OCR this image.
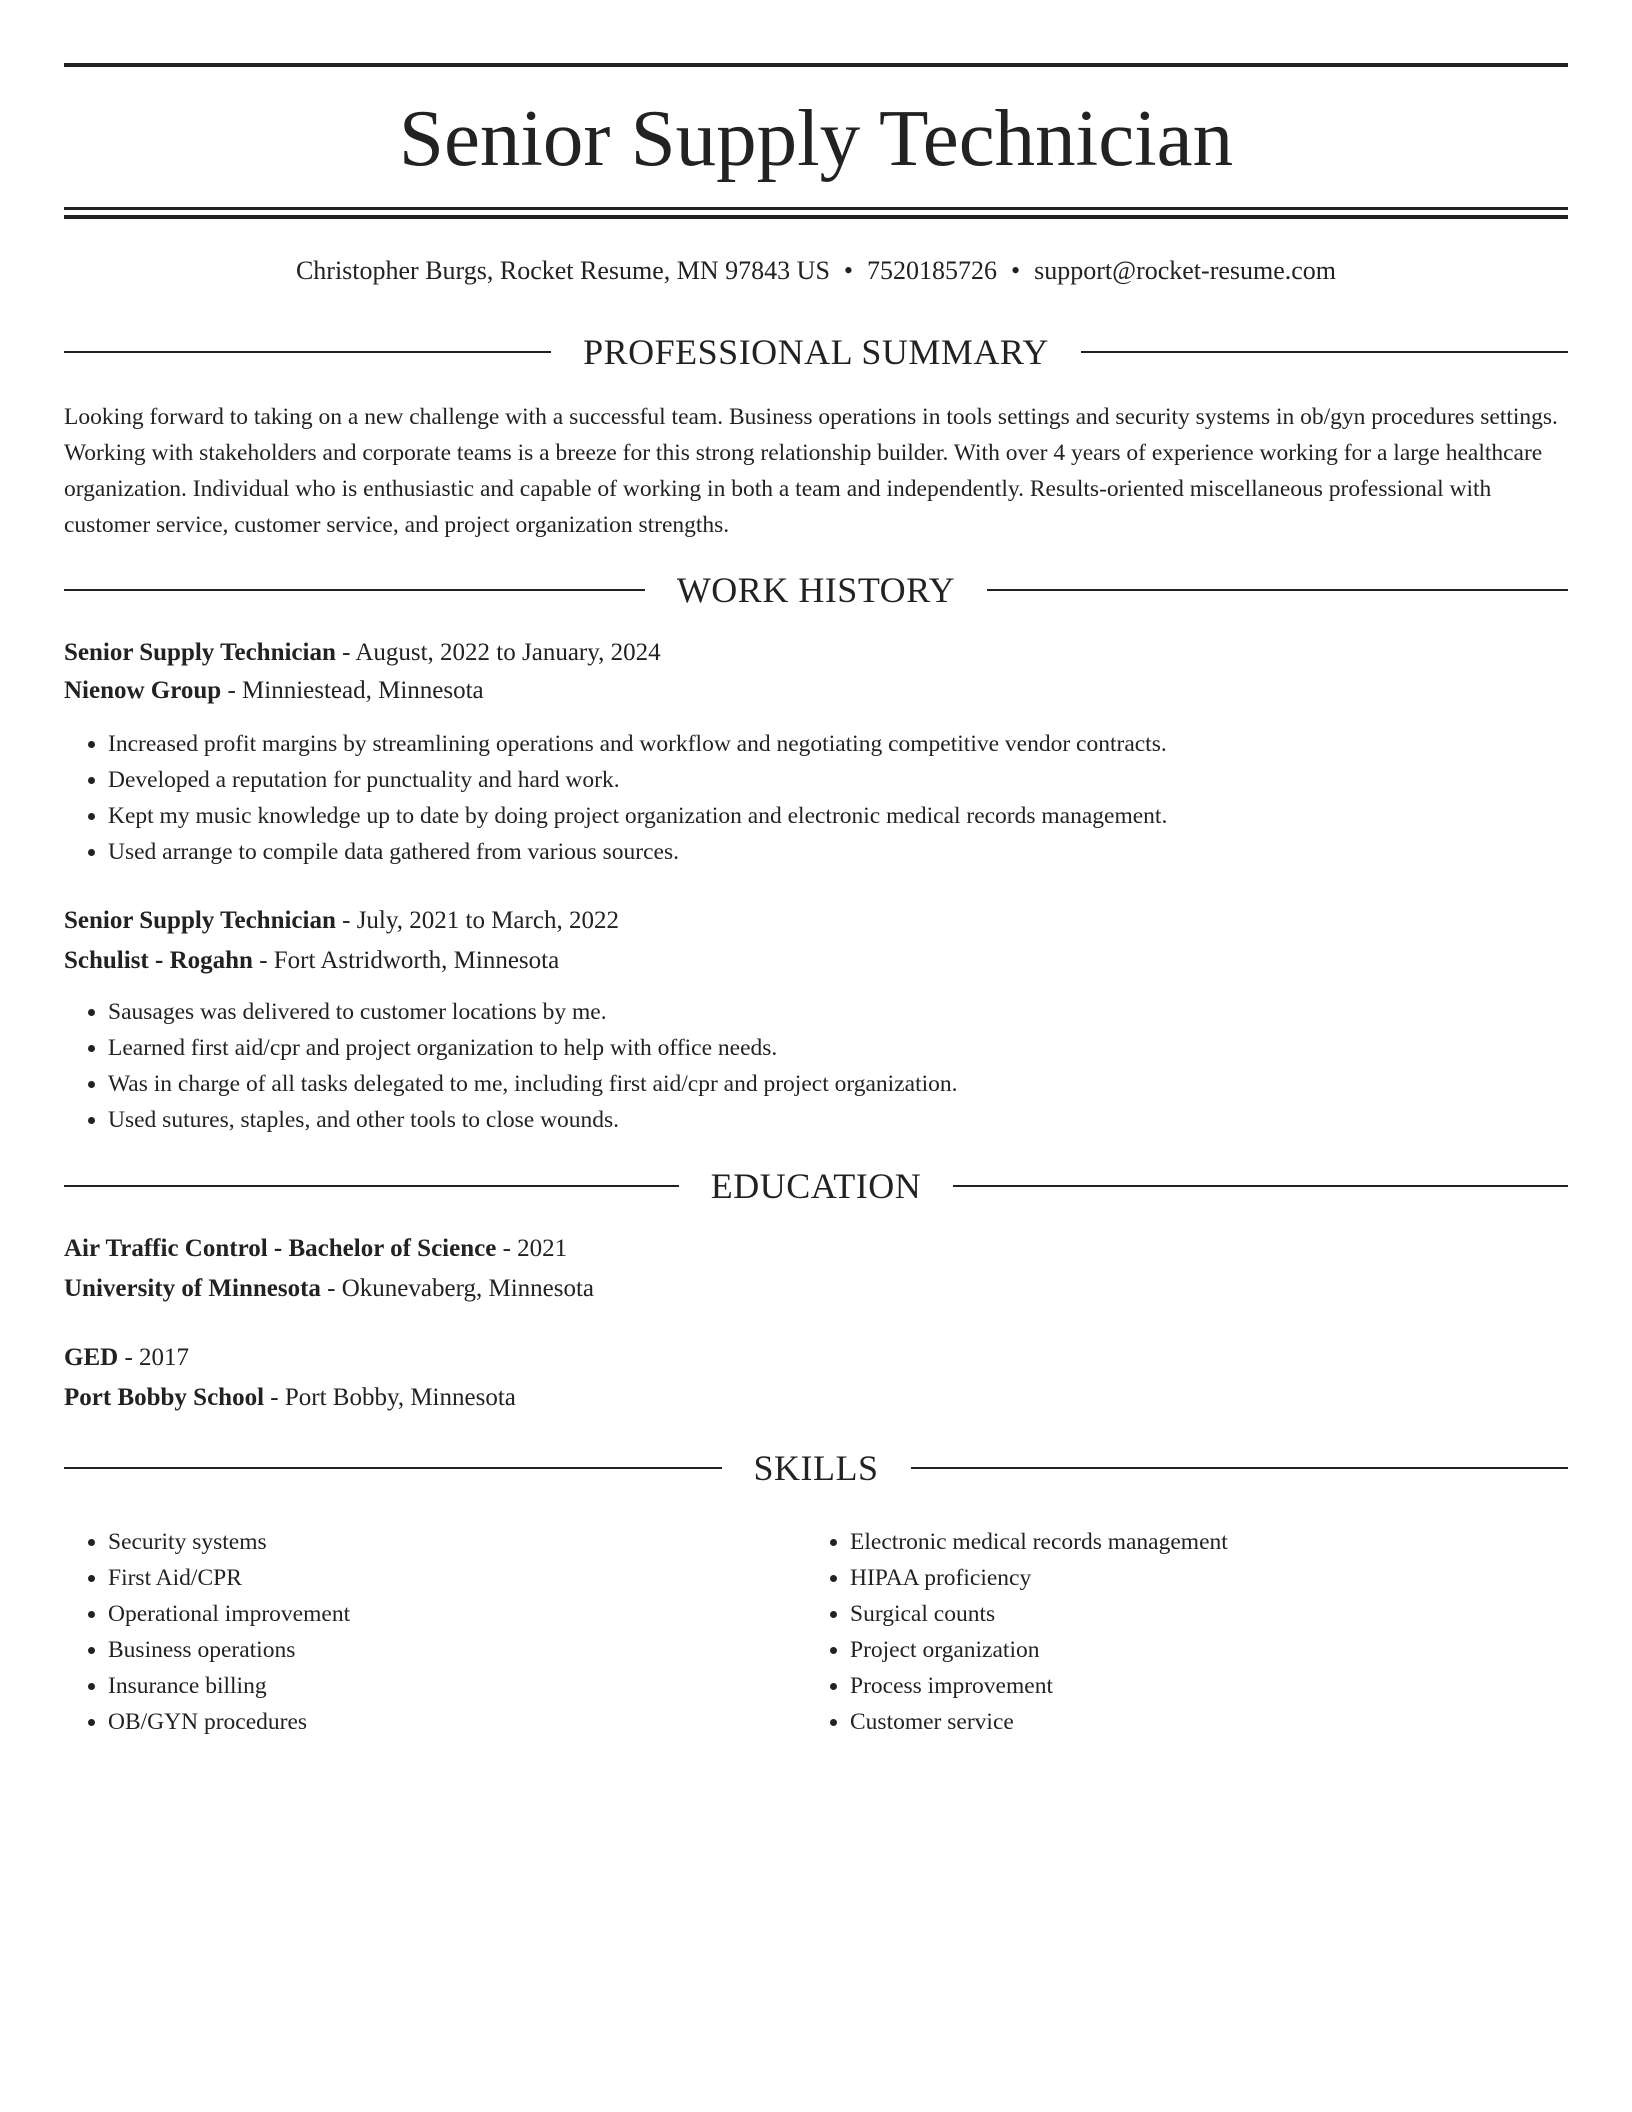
Senior Supply Technician
Christopher Burgs, Rocket Resume, MN 97843 US • 7520185726 • support@rocket-resume.com
PROFESSIONAL SUMMARY

Looking forward to taking on a new challenge with a successful team. Business operations in tools settings and security systems in ob/gyn procedures settings. Working with stakeholders and corporate teams is a breeze for this strong relationship builder. With over 4 years of experience working for a large healthcare organization. Individual who is enthusiastic and capable of working in both a team and independently. Results-oriented miscellaneous professional with customer service, customer service, and project organization strengths.

WORK HISTORY
Senior Supply Technician - August, 2022 to January, 2024
Nienow Group - Minniestead, Minnesota
• Increased profit margins by streamlining operations and workflow and negotiating competitive vendor contracts.
• Developed a reputation for punctuality and hard work.
• Kept my music knowledge up to date by doing project organization and electronic medical records management.
• Used arrange to compile data gathered from various sources.
Senior Supply Technician - July, 2021 to March, 2022
Schulist - Rogahn - Fort Astridworth, Minnesota
• Sausages was delivered to customer locations by me.
• Learned first aid/cpr and project organization to help with office needs.
• Was in charge of all tasks delegated to me, including first aid/cpr and project organization.
• Used sutures, staples, and other tools to close wounds.
EDUCATION
Air Traffic Control - Bachelor of Science - 2021
University of Minnesota - Okunevaberg, Minnesota
GED - 2017
Port Bobby School - Port Bobby, Minnesota
SKILLS
• Security systems
• First Aid/CPR
• Operational improvement
• Business operations
• Insurance billing
• OB/GYN procedures
• Electronic medical records management
• HIPAA proficiency
• Surgical counts
• Project organization
• Process improvement
• Customer service
